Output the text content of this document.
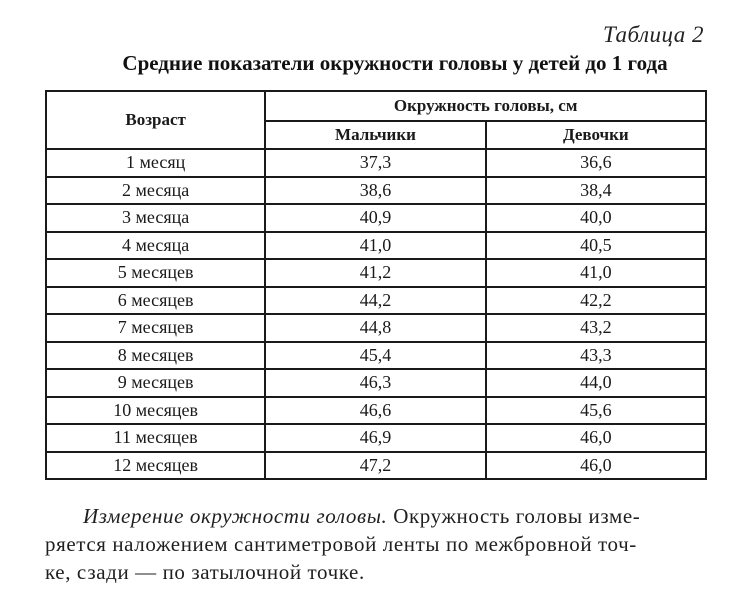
Таблица 2
Средние показатели окружности головы у детей до 1 года
Возраст	Окружность головы, см	
	Мальчики	Девочки
1 месяц	37,3	36,6
2 месяца	38,6	38,4
3 месяца	40,9	40,0
4 месяца	41,0	40,5
5 месяцев	41,2	41,0
6 месяцев	44,2	42,2
7 месяцев	44,8	43,2
8 месяцев	45,4	43,3
9 месяцев	46,3	44,0
10 месяцев	46,6	45,6
11 месяцев	46,9	46,0
12 месяцев	47,2	46,0
Измерение окружности головы. Окружность головы изме-
ряется наложением сантиметровой ленты по межбровной точ-
ке, сзади — по затылочной точке.
